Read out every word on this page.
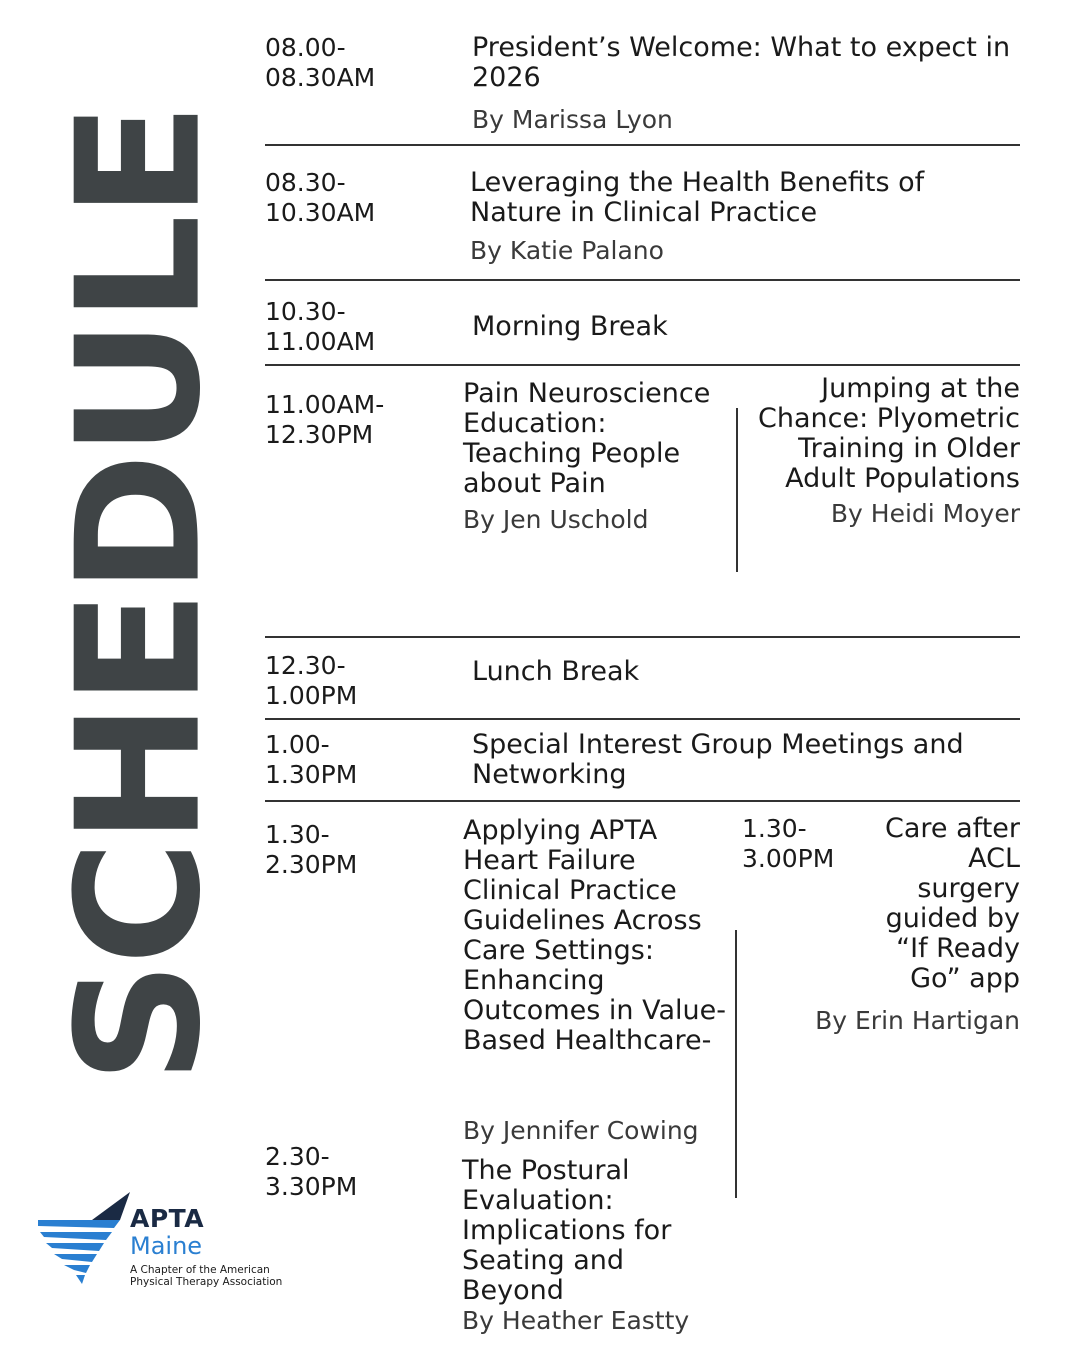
SCHEDULE
08.00-
08.30AM
President’s Welcome: What to expect in 2026
By Marissa Lyon
08.30-
10.30AM
Leveraging the Health Benefits of Nature in Clinical Practice
By Katie Palano
10.30-
11.00AM	Morning Break
11.00AM-
12.30PM
Pain Neuroscience Education: Teaching People about Pain
By Jen Uschold
Jumping at the Chance: Plyometric Training in Older Adult Populations
By Heidi Moyer
12.30-
1.00PM
Lunch Break
1.00-
1.30PM
Special Interest Group Meetings and Networking
1.30-
2.30PM
Applying APTA Heart Failure Clinical Practice Guidelines Across Care Settings: Enhancing Outcomes in Value-Based Healthcare-
By Jennifer Cowing
1.30-
3.00PM
Care after ACL surgery guided by “If Ready Go” app
By Erin Hartigan
2.30-
3.30PM
The Postural Evaluation: Implications for Seating and Beyond
By Heather Eastty
APTA
Maine
A Chapter of the American Physical Therapy Association
